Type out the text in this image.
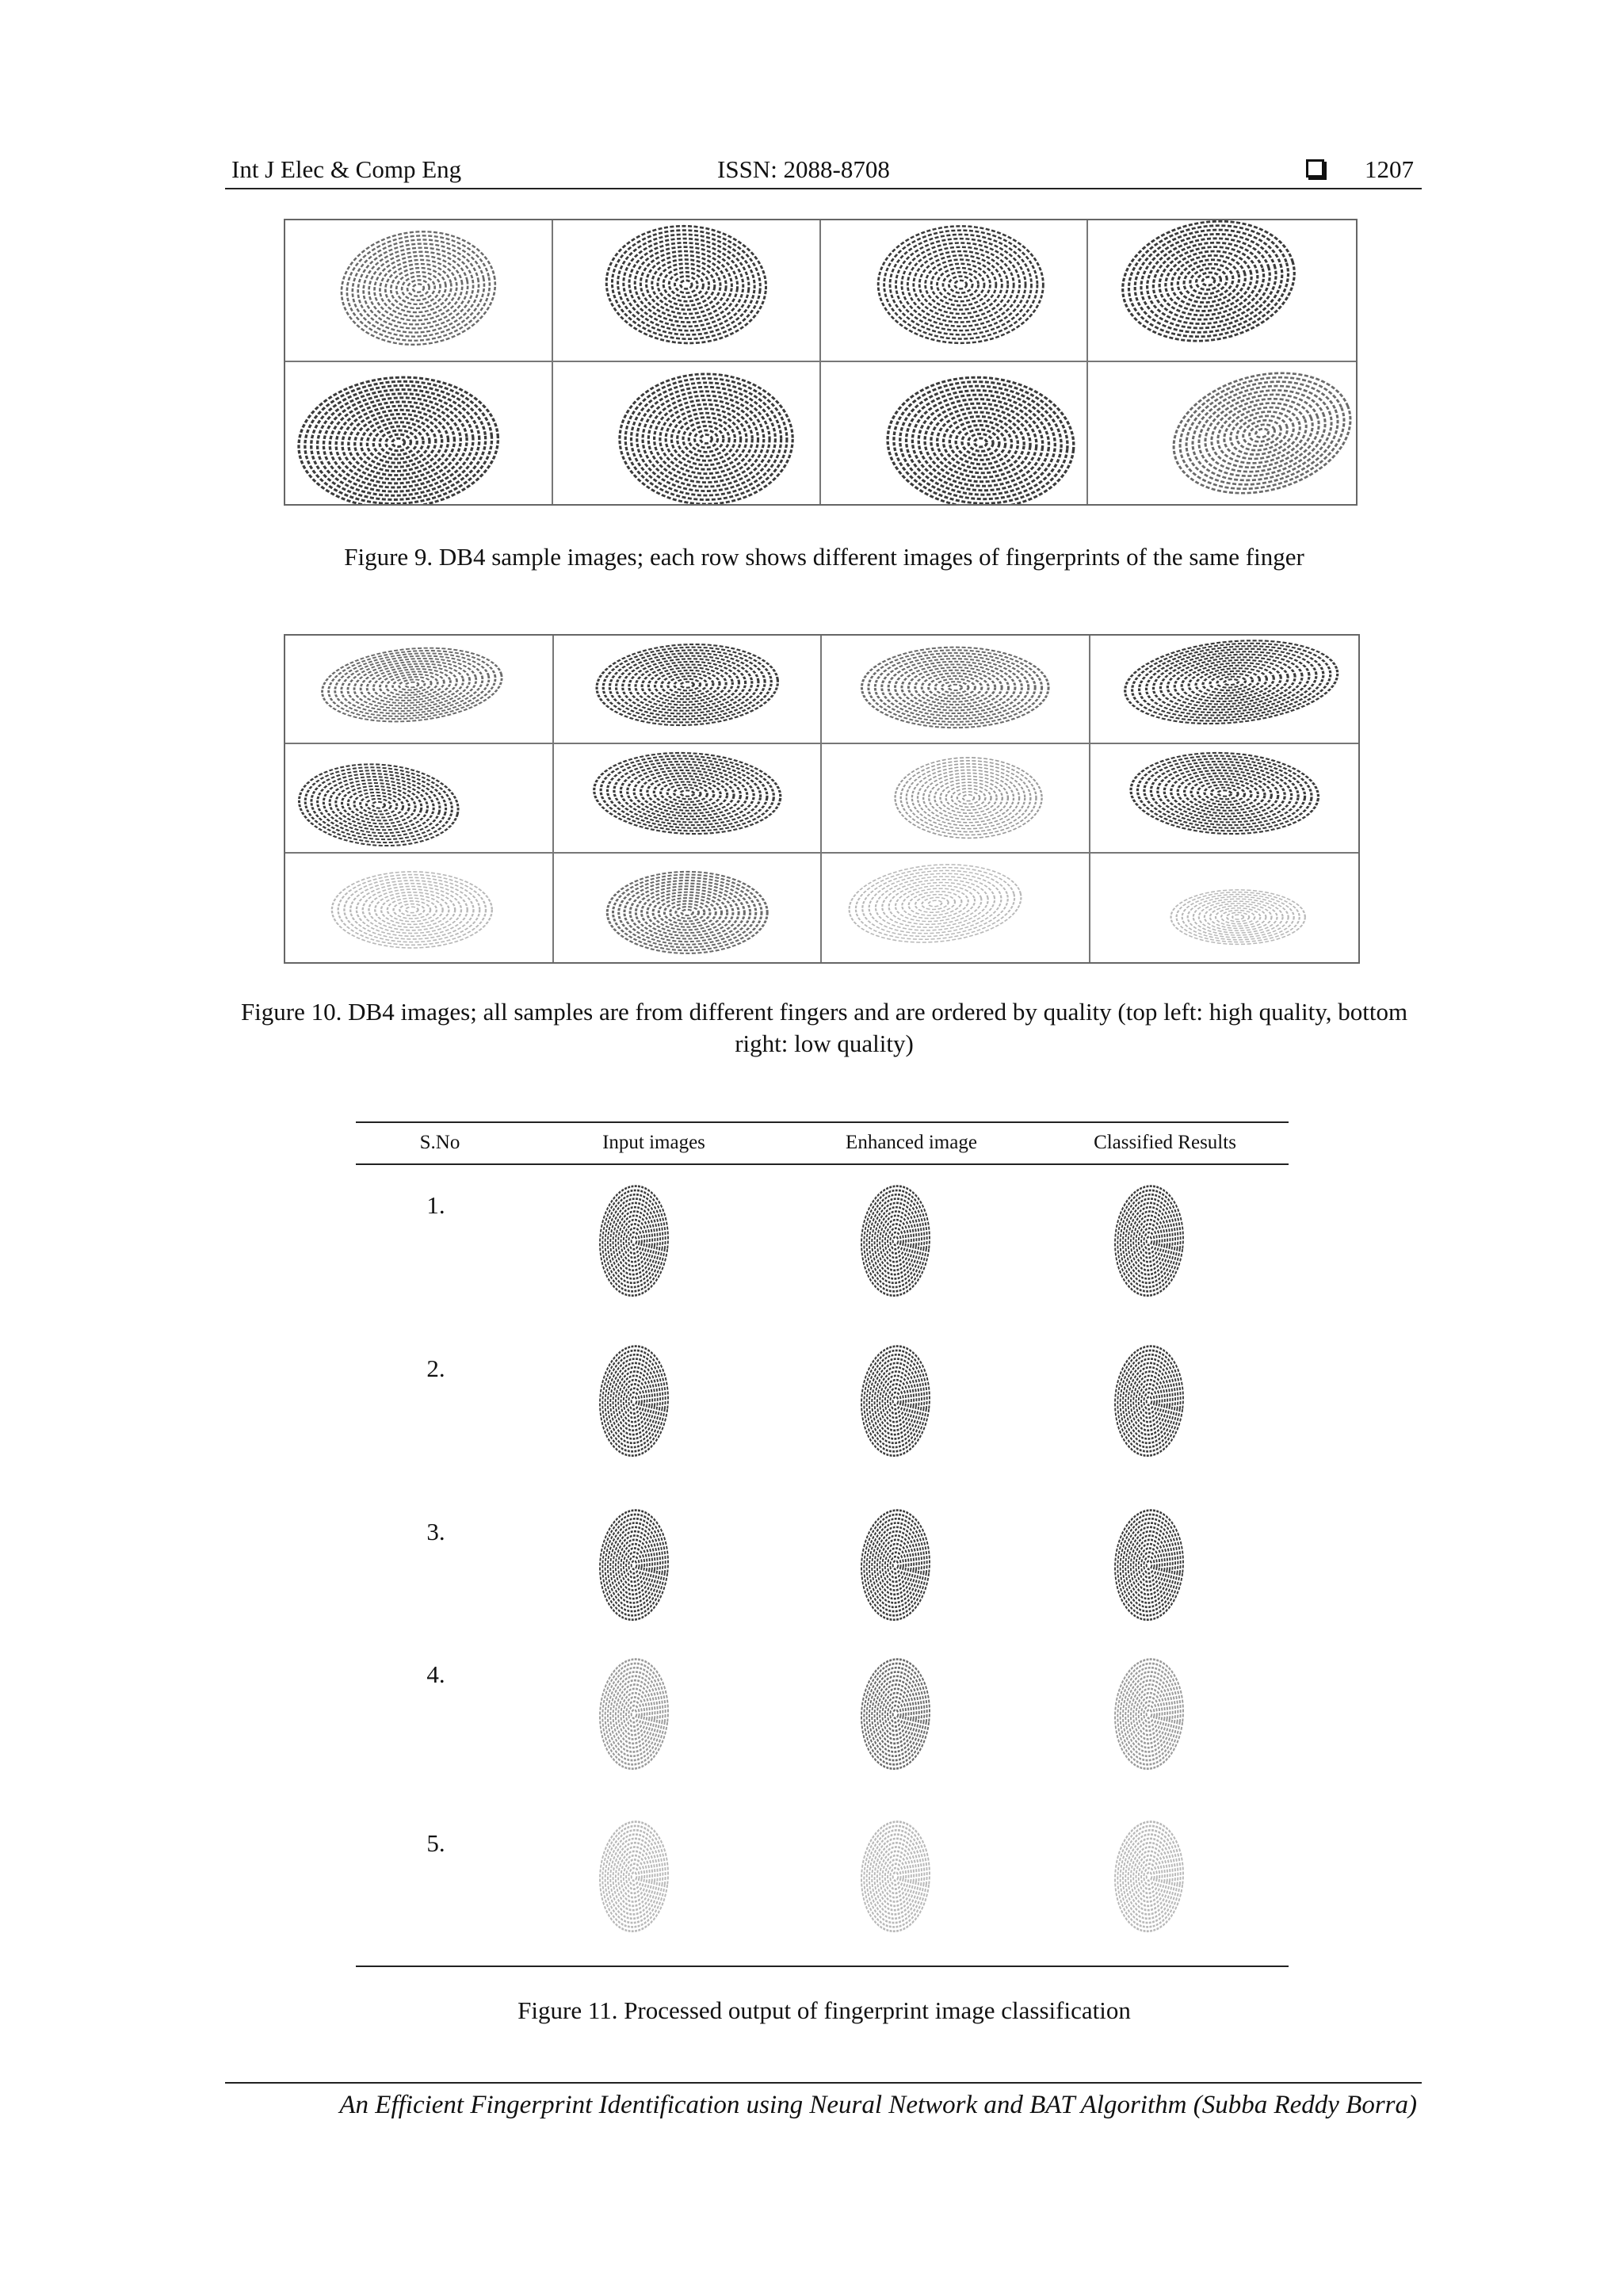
Int J Elec & Comp Eng	ISSN: 2088-8708	1207
Figure 9. DB4 sample images; each row shows different images of fingerprints of the same finger
Figure 10. DB4 images; all samples are from different fingers and are ordered by quality (top left: high quality, bottom right: low quality)
S.No	Input images	Enhanced image	Classified Results
1.
2.
3.
4.
5.
Figure 11. Processed output of fingerprint image classification
An Efficient Fingerprint Identification using Neural Network and BAT Algorithm (Subba Reddy Borra)
